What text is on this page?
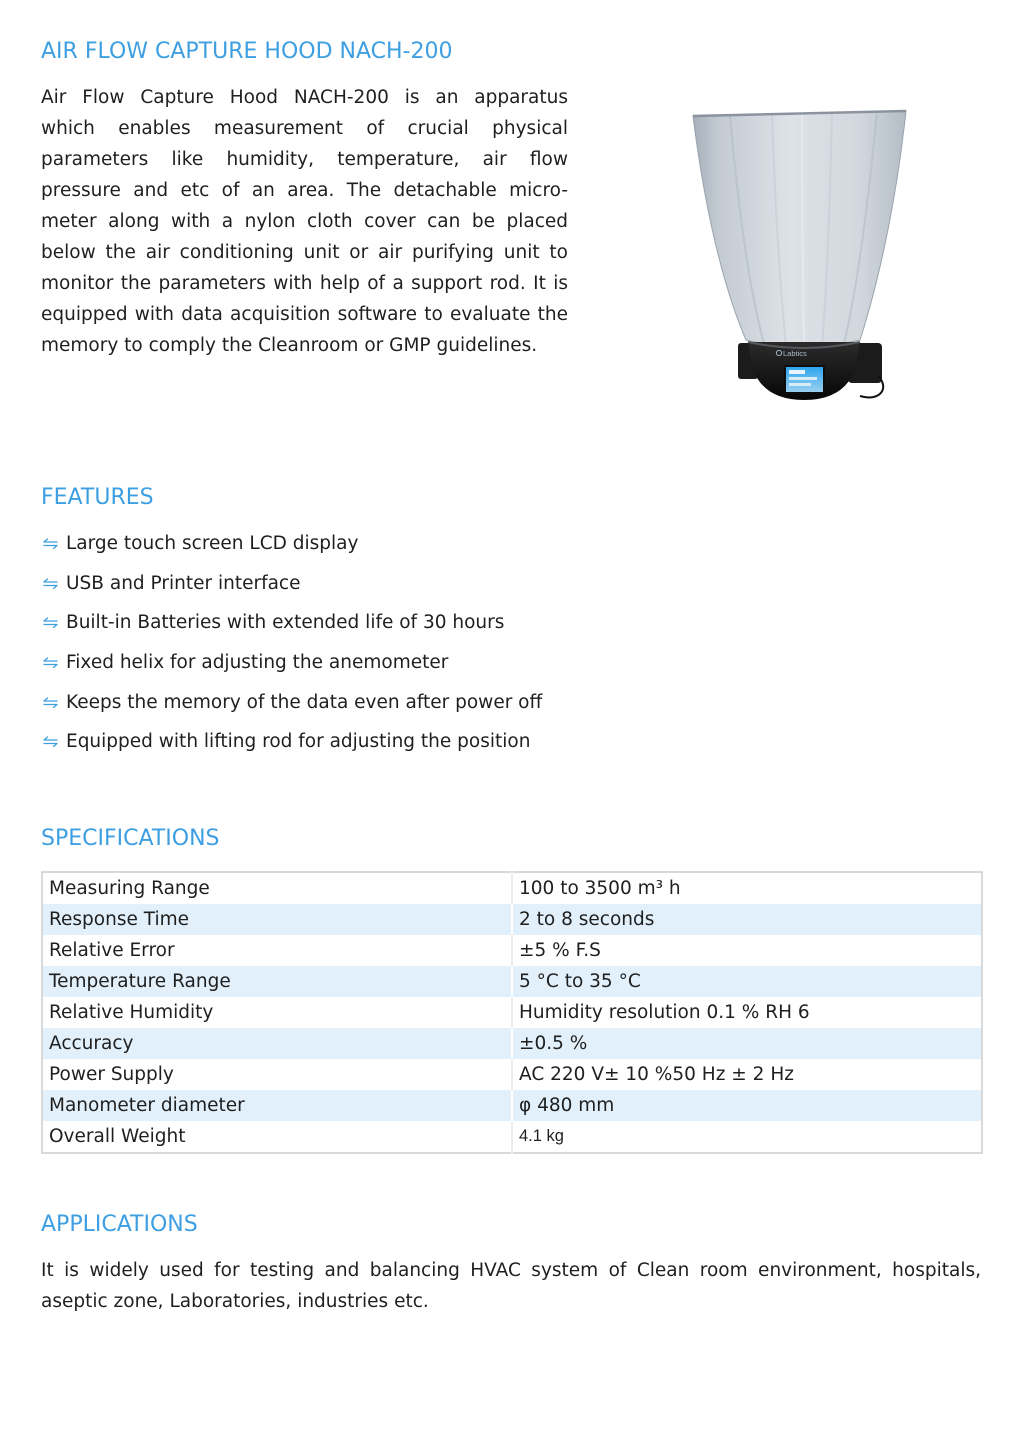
AIR FLOW CAPTURE HOOD NACH-200
Air Flow Capture Hood NACH-200 is an apparatus
which enables measurement of crucial physical
parameters like humidity, temperature, air flow
pressure and etc of an area. The detachable micro-
meter along with a nylon cloth cover can be placed
below the air conditioning unit or air purifying unit to
monitor the parameters with help of a support rod. It is
equipped with data acquisition software to evaluate the
memory to comply the Cleanroom or GMP guidelines.	Labtics
FEATURES
Large touch screen LCD display
USB and Printer interface
Built-in Batteries with extended life of 30 hours
Fixed helix for adjusting the anemometer
Keeps the memory of the data even after power off
Equipped with lifting rod for adjusting the position
SPECIFICATIONS
Measuring Range	100 to 3500 m³ h
Response Time	2 to 8 seconds
Relative Error	±5 % F.S
Temperature Range	5 °C to 35 °C
Relative Humidity	Humidity resolution 0.1 % RH 6
Accuracy	±0.5 %
Power Supply	AC 220 V± 10 %50 Hz ± 2 Hz
Manometer diameter	φ 480 mm
Overall Weight	4.1 kg
APPLICATIONS
It is widely used for testing and balancing HVAC system of Clean room environment, hospitals,
aseptic zone, Laboratories, industries etc.
